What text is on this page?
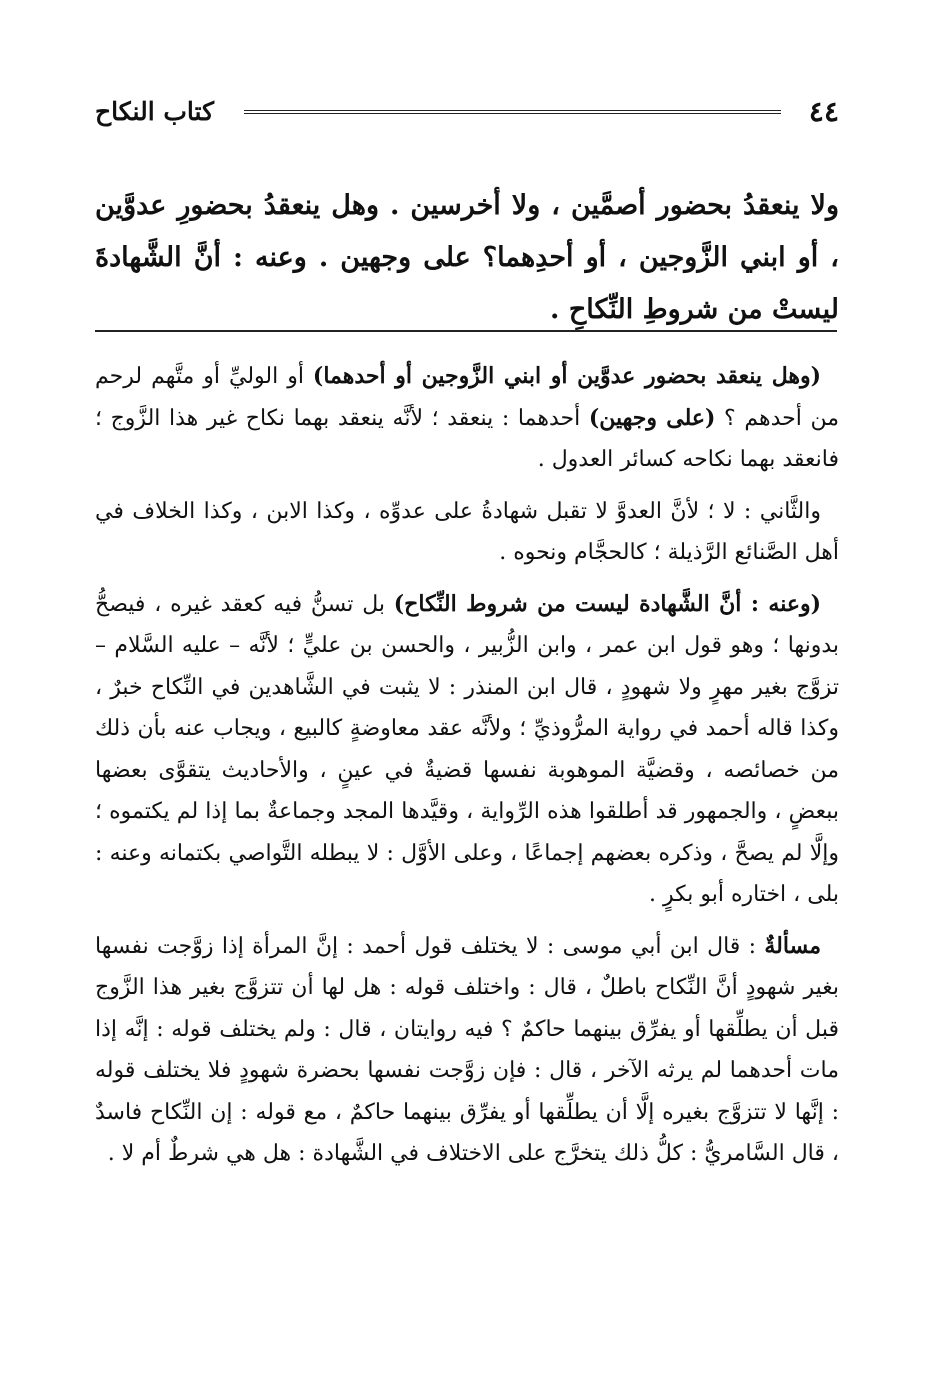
٤٤
كتاب النكاح
ولا ينعقدُ بحضور أصمَّين ، ولا أخرسين . وهل ينعقدُ بحضورِ عدوَّين ، أو ابني الزَّوجين ، أو أحدِهما؟ على وجهين . وعنه : أنَّ الشَّهادةَ ليستْ من شروطِ النِّكاحِ .

(وهل ينعقد بحضور عدوَّين أو ابني الزَّوجين أو أحدهما) أو الوليِّ أو متَّهم لرحم من أحدهم ؟ (على وجهين) أحدهما : ينعقد ؛ لأنَّه ينعقد بهما نكاح غير هذا الزَّوج ؛ فانعقد بهما نكاحه كسائر العدول .

والثَّاني : لا ؛ لأنَّ العدوَّ لا تقبل شهادةُ على عدوِّه ، وكذا الابن ، وكذا الخلاف في أهل الصَّنائع الرَّذيلة ؛ كالحجَّام ونحوه .

(وعنه : أنَّ الشَّهادة ليست من شروط النِّكاح) بل تسنُّ فيه كعقد غيره ، فيصحُّ بدونها ؛ وهو قول ابن عمر ، وابن الزُّبير ، والحسن بن عليٍّ ؛ لأنَّه – عليه السَّلام – تزوَّج بغير مهرٍ ولا شهودٍ ، قال ابن المنذر : لا يثبت في الشَّاهدين في النِّكاح خبرٌ ، وكذا قاله أحمد في رواية المرُّوذيِّ ؛ ولأنَّه عقد معاوضةٍ كالبيع ، ويجاب عنه بأن ذلك من خصائصه ، وقضيَّة الموهوبة نفسها قضيةٌ في عينٍ ، والأحاديث يتقوَّى بعضها ببعضٍ ، والجمهور قد أطلقوا هذه الرِّواية ، وقيَّدها المجد وجماعةٌ بما إذا لم يكتموه ؛ وإلَّا لم يصحَّ ، وذكره بعضهم إجماعًا ، وعلى الأوَّل : لا يبطله التَّواصي بكتمانه وعنه : بلى ، اختاره أبو بكرٍ .

مسألةٌ : قال ابن أبي موسى : لا يختلف قول أحمد : إنَّ المرأة إذا زوَّجت نفسها بغير شهودٍ أنَّ النِّكاح باطلٌ ، قال : واختلف قوله : هل لها أن تتزوَّج بغير هذا الزَّوج قبل أن يطلِّقها أو يفرِّق بينهما حاكمٌ ؟ فيه روايتان ، قال : ولم يختلف قوله : إنَّه إذا مات أحدهما لم يرثه الآخر ، قال : فإن زوَّجت نفسها بحضرة شهودٍ فلا يختلف قوله : إنَّها لا تتزوَّج بغيره إلَّا أن يطلِّقها أو يفرِّق بينهما حاكمٌ ، مع قوله : إن النِّكاح فاسدٌ ، قال السَّامريُّ : كلُّ ذلك يتخرَّج على الاختلاف في الشَّهادة : هل هي شرطٌ أم لا .
